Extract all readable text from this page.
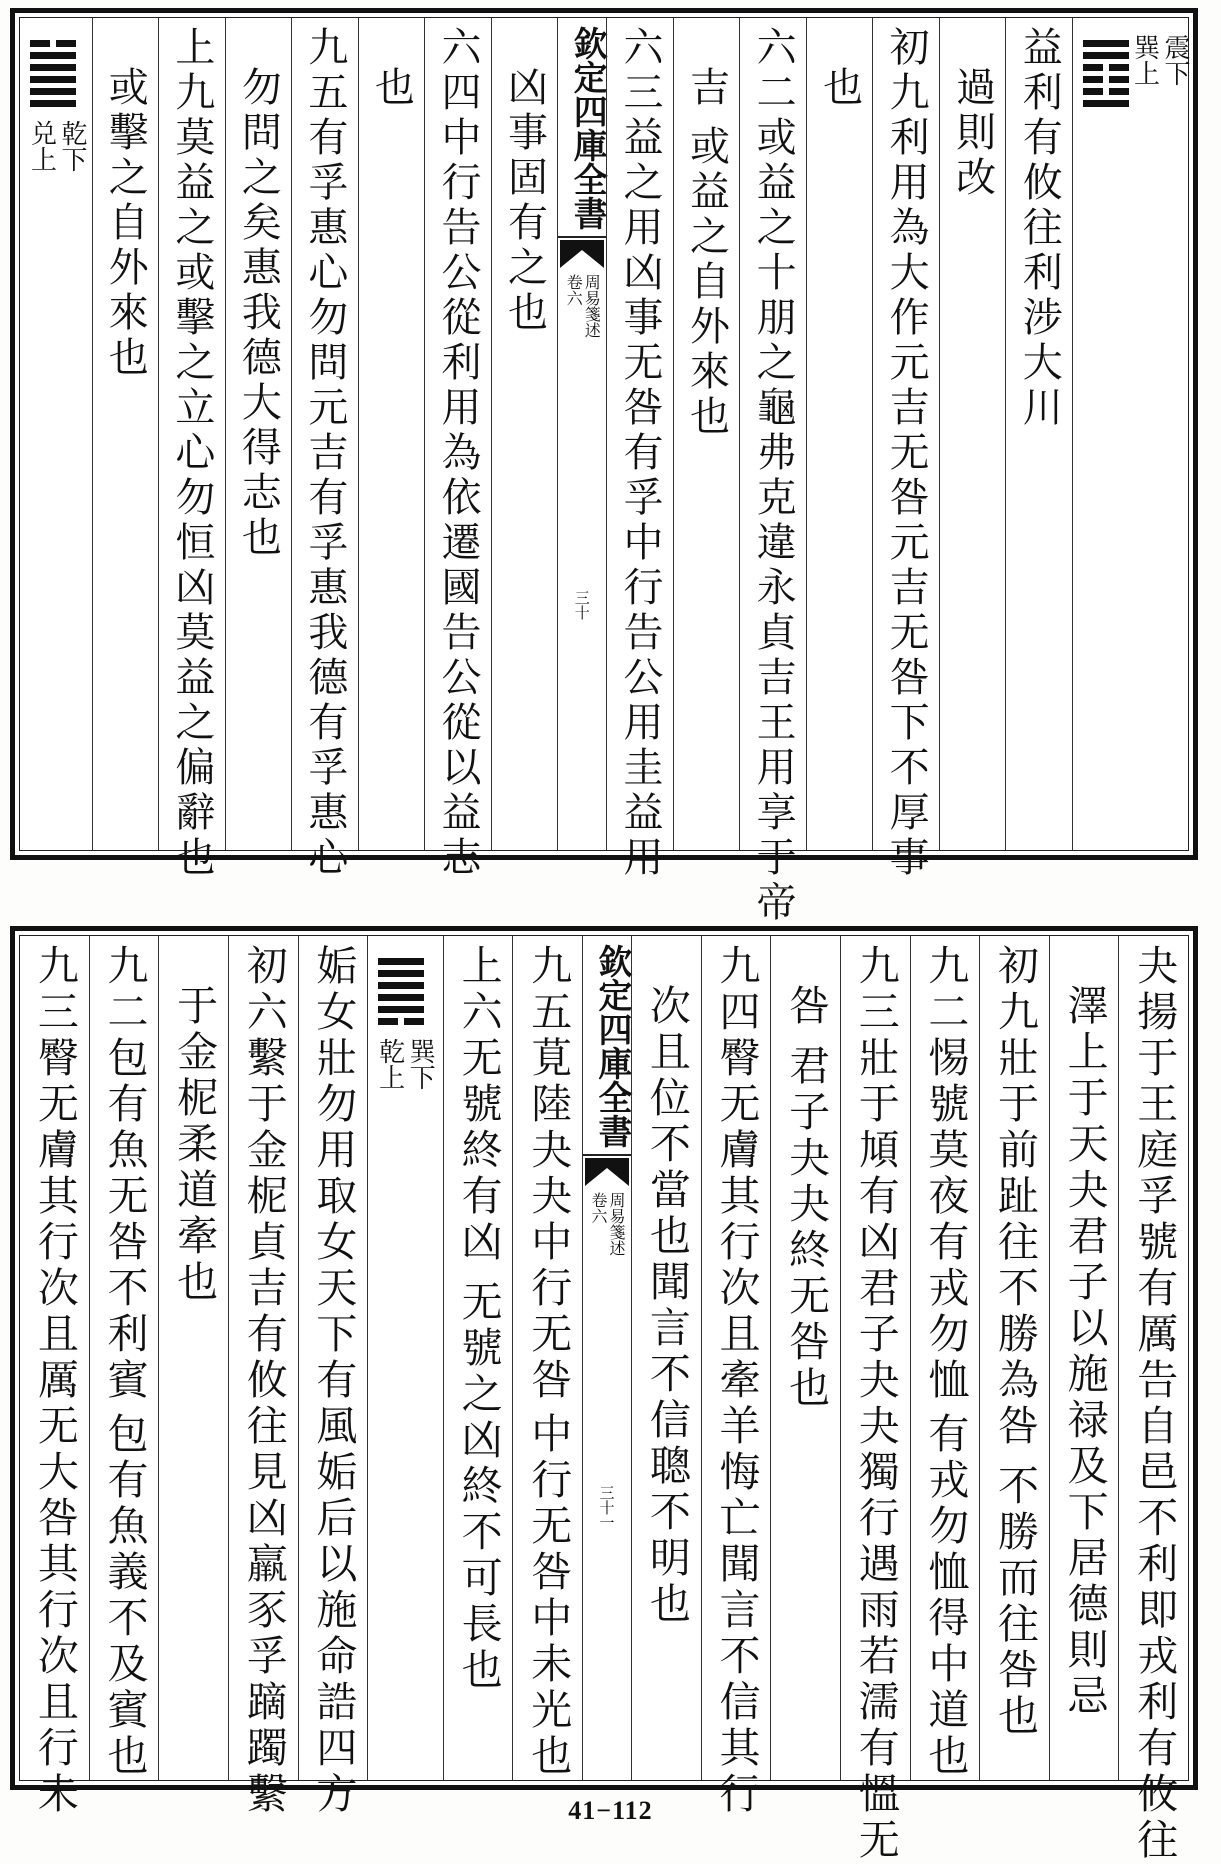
震下
巽上
益利有攸往利涉大川
過則改
初九利用為大作元吉无咎
元吉无咎下不厚事
也
六二或益之十朋之龜弗克違永貞吉王用享于帝
吉
或益之自外來也
六三益之用凶事无咎有孚中行告公用圭
益用
欽定四庫全書
周易箋述
卷六
三十
凶事固有之也
六四中行告公從利用為依遷國
告公從以益志
也
九五有孚惠心勿問元吉有孚惠我德
有孚惠心
勿問之矣惠我德大得志也
上九莫益之或擊之立心勿恒凶
莫益之偏辭也
或擊之自外來也
乾下
兑上
夬揚于王庭孚號有厲告自邑不利即戎利有攸往
澤上于天夬君子以施禄及下居德則忌
初九壯于前趾往不勝為咎
不勝而往咎也
九二惕號莫夜有戎勿恤
有戎勿恤得中道也
九三壯于頄有凶君子夬夬獨行遇雨若濡有慍无
咎
君子夬夬終无咎也
九四臀无膚其行次且牽羊悔亡聞言不信
其行
次且位不當也聞言不信聰不明也
欽定四庫全書
周易箋述
卷六
三十一
九五莧陸夬夬中行无咎
中行无咎中未光也
上六无號終有凶
无號之凶終不可長也
巽下
乾上
姤女壯勿用取女
天下有風姤后以施命誥四方
初六繫于金柅貞吉有攸往見凶羸豕孚蹢躅
繫
于金柅柔道牽也
九二包有魚无咎不利賓
包有魚義不及賓也
九三臀无膚其行次且厲无大咎
其行次且行未	41−112
